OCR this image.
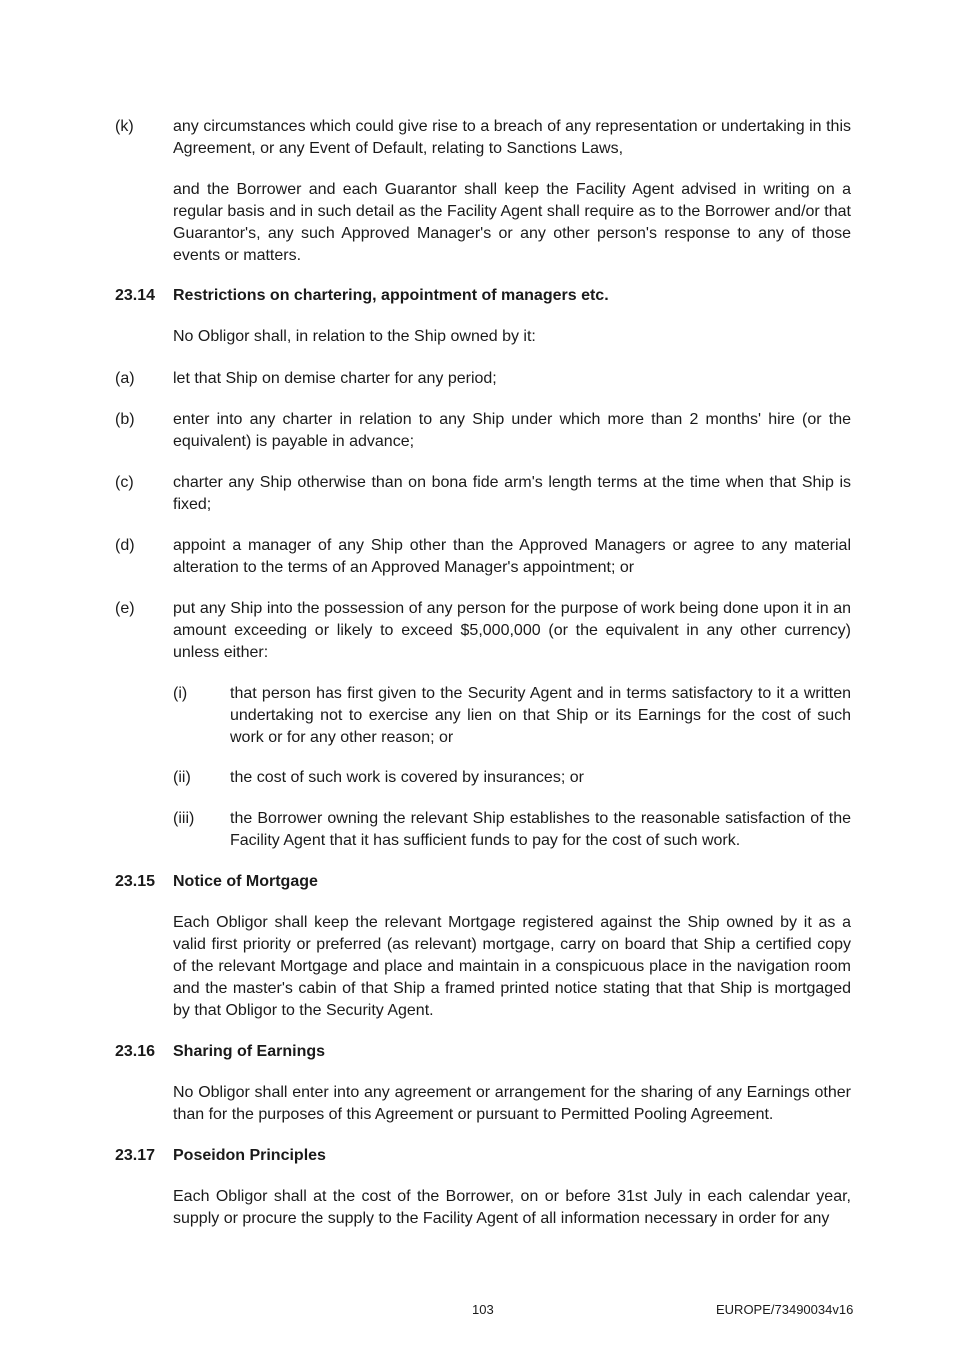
(k) any circumstances which could give rise to a breach of any representation or undertaking in this Agreement, or any Event of Default, relating to Sanctions Laws,
and the Borrower and each Guarantor shall keep the Facility Agent advised in writing on a regular basis and in such detail as the Facility Agent shall require as to the Borrower and/or that Guarantor's, any such Approved Manager's or any other person's response to any of those events or matters.
23.14 Restrictions on chartering, appointment of managers etc.
No Obligor shall, in relation to the Ship owned by it:
(a) let that Ship on demise charter for any period;
(b) enter into any charter in relation to any Ship under which more than 2 months' hire (or the equivalent) is payable in advance;
(c) charter any Ship otherwise than on bona fide arm's length terms at the time when that Ship is fixed;
(d) appoint a manager of any Ship other than the Approved Managers or agree to any material alteration to the terms of an Approved Manager's appointment; or
(e) put any Ship into the possession of any person for the purpose of work being done upon it in an amount exceeding or likely to exceed $5,000,000 (or the equivalent in any other currency) unless either:
(i)	that person has first given to the Security Agent and in terms satisfactory to it a written undertaking not to exercise any lien on that Ship or its Earnings for the cost of such work or for any other reason; or
(ii) the cost of such work is covered by insurances; or
(iii) the Borrower owning the relevant Ship establishes to the reasonable satisfaction of the Facility Agent that it has sufficient funds to pay for the cost of such work.
23.15 Notice of Mortgage
Each Obligor shall keep the relevant Mortgage registered against the Ship owned by it as a valid first priority or preferred (as relevant) mortgage, carry on board that Ship a certified copy of the relevant Mortgage and place and maintain in a conspicuous place in the navigation room and the master's cabin of that Ship a framed printed notice stating that that Ship is mortgaged by that Obligor to the Security Agent.
23.16 Sharing of Earnings
No Obligor shall enter into any agreement or arrangement for the sharing of any Earnings other than for the purposes of this Agreement or pursuant to Permitted Pooling Agreement.
23.17 Poseidon Principles
Each Obligor shall at the cost of the Borrower, on or before 31st July in each calendar year, supply or procure the supply to the Facility Agent of all information necessary in order for any
103	EUROPE/73490034v16
